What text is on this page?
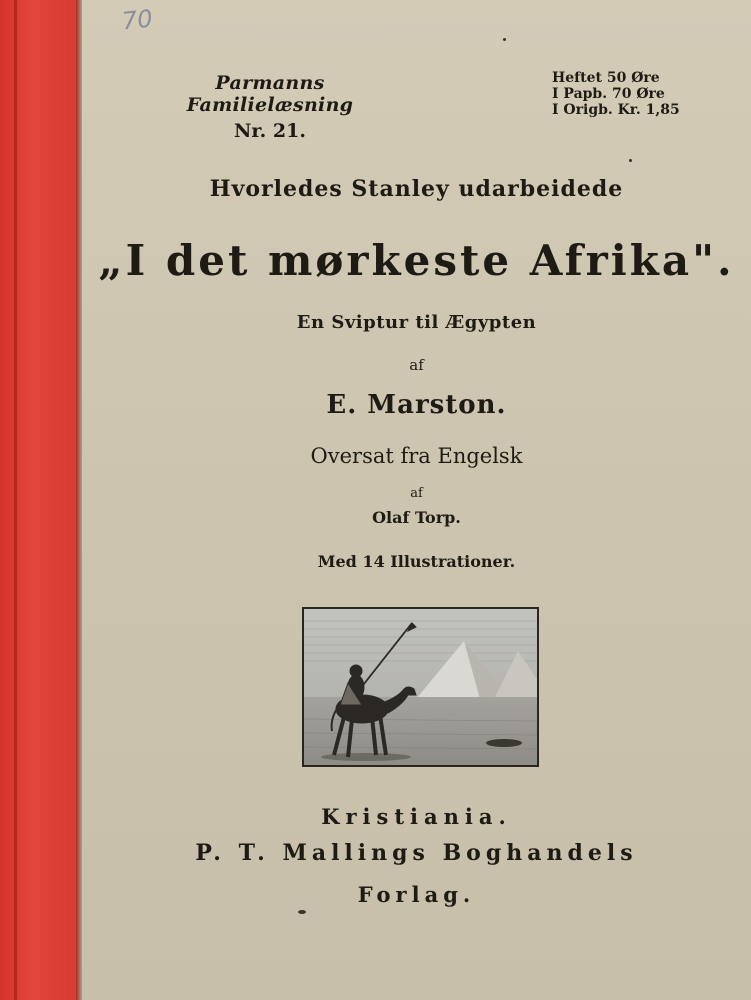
70
Parmanns Familielæsning
Nr. 21.
Heftet 50 Øre
I Papb. 70 Øre
I Origb. Kr. 1,85
Hvorledes Stanley udarbeidede
„I det mørkeste Afrika".
En Sviptur til Ægypten
af
E. Marston.
Oversat fra Engelsk
af
Olaf Torp.
Med 14 Illustrationer.
Kristiania.
P. T. Mallings Boghandels
Forlag.
